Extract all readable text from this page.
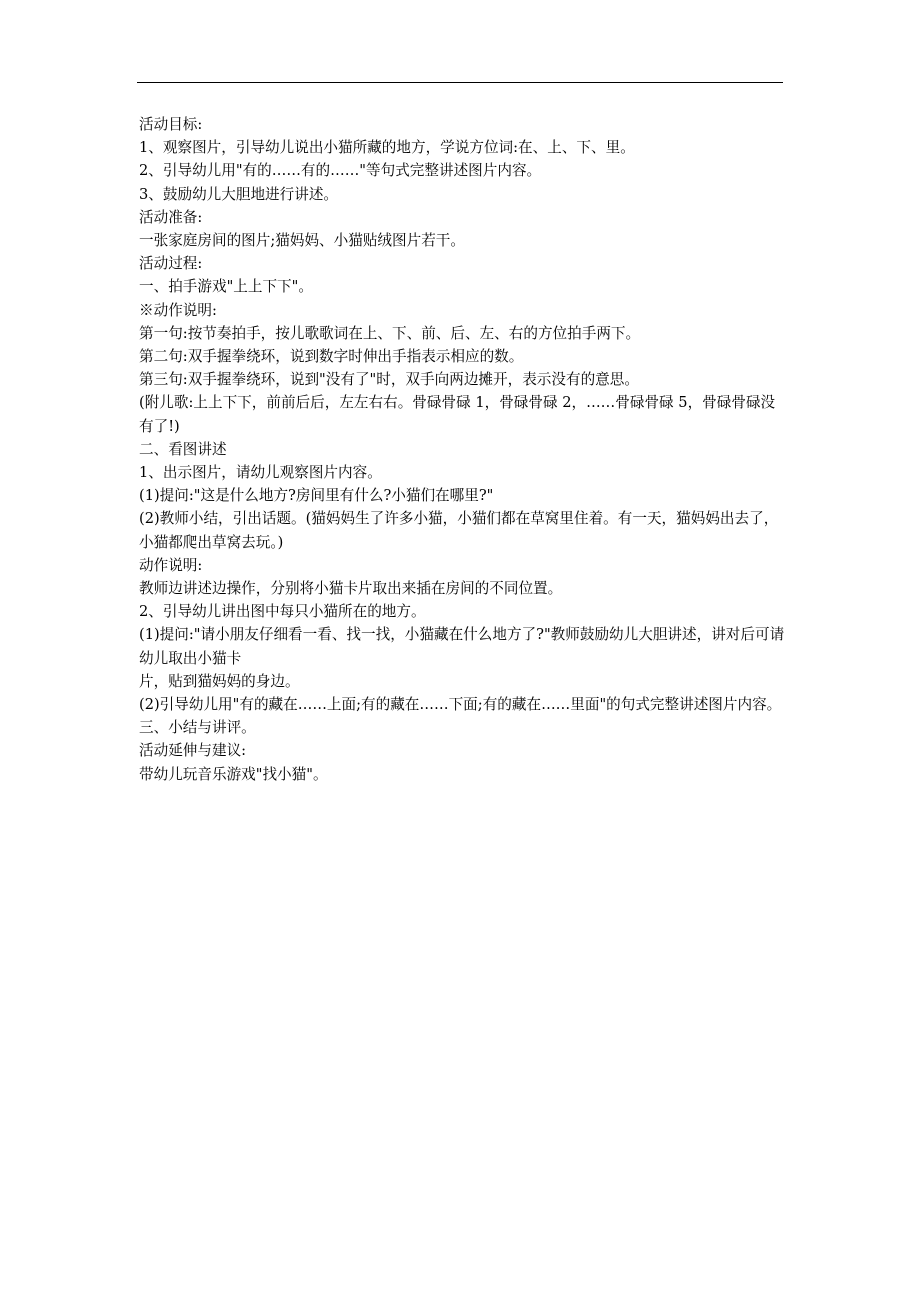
活动目标:
1、观察图片，引导幼儿说出小猫所藏的地方，学说方位词:在、上、下、里。
2、引导幼儿用"有的……有的……"等句式完整讲述图片内容。
3、鼓励幼儿大胆地进行讲述。
活动准备:
一张家庭房间的图片;猫妈妈、小猫贴绒图片若干。
活动过程:
一、拍手游戏"上上下下"。
※动作说明:
第一句:按节奏拍手，按儿歌歌词在上、下、前、后、左、右的方位拍手两下。
第二句:双手握拳绕环，说到数字时伸出手指表示相应的数。
第三句:双手握拳绕环，说到"没有了"时，双手向两边摊开，表示没有的意思。
(附儿歌:上上下下，前前后后，左左右右。骨碌骨碌 1，骨碌骨碌 2，……骨碌骨碌 5，骨碌骨碌没有了!)
二、看图讲述
1、出示图片，请幼儿观察图片内容。
(1)提问:"这是什么地方?房间里有什么?小猫们在哪里?"
(2)教师小结，引出话题。(猫妈妈生了许多小猫，小猫们都在草窝里住着。有一天，猫妈妈出去了，小猫都爬出草窝去玩。)
动作说明:
教师边讲述边操作，分别将小猫卡片取出来插在房间的不同位置。
2、引导幼儿讲出图中每只小猫所在的地方。
(1)提问:"请小朋友仔细看一看、找一找，小猫藏在什么地方了?"教师鼓励幼儿大胆讲述，讲对后可请幼儿取出小猫卡
片，贴到猫妈妈的身边。
(2)引导幼儿用"有的藏在……上面;有的藏在……下面;有的藏在……里面"的句式完整讲述图片内容。
三、小结与讲评。
活动延伸与建议:
带幼儿玩音乐游戏"找小猫"。
